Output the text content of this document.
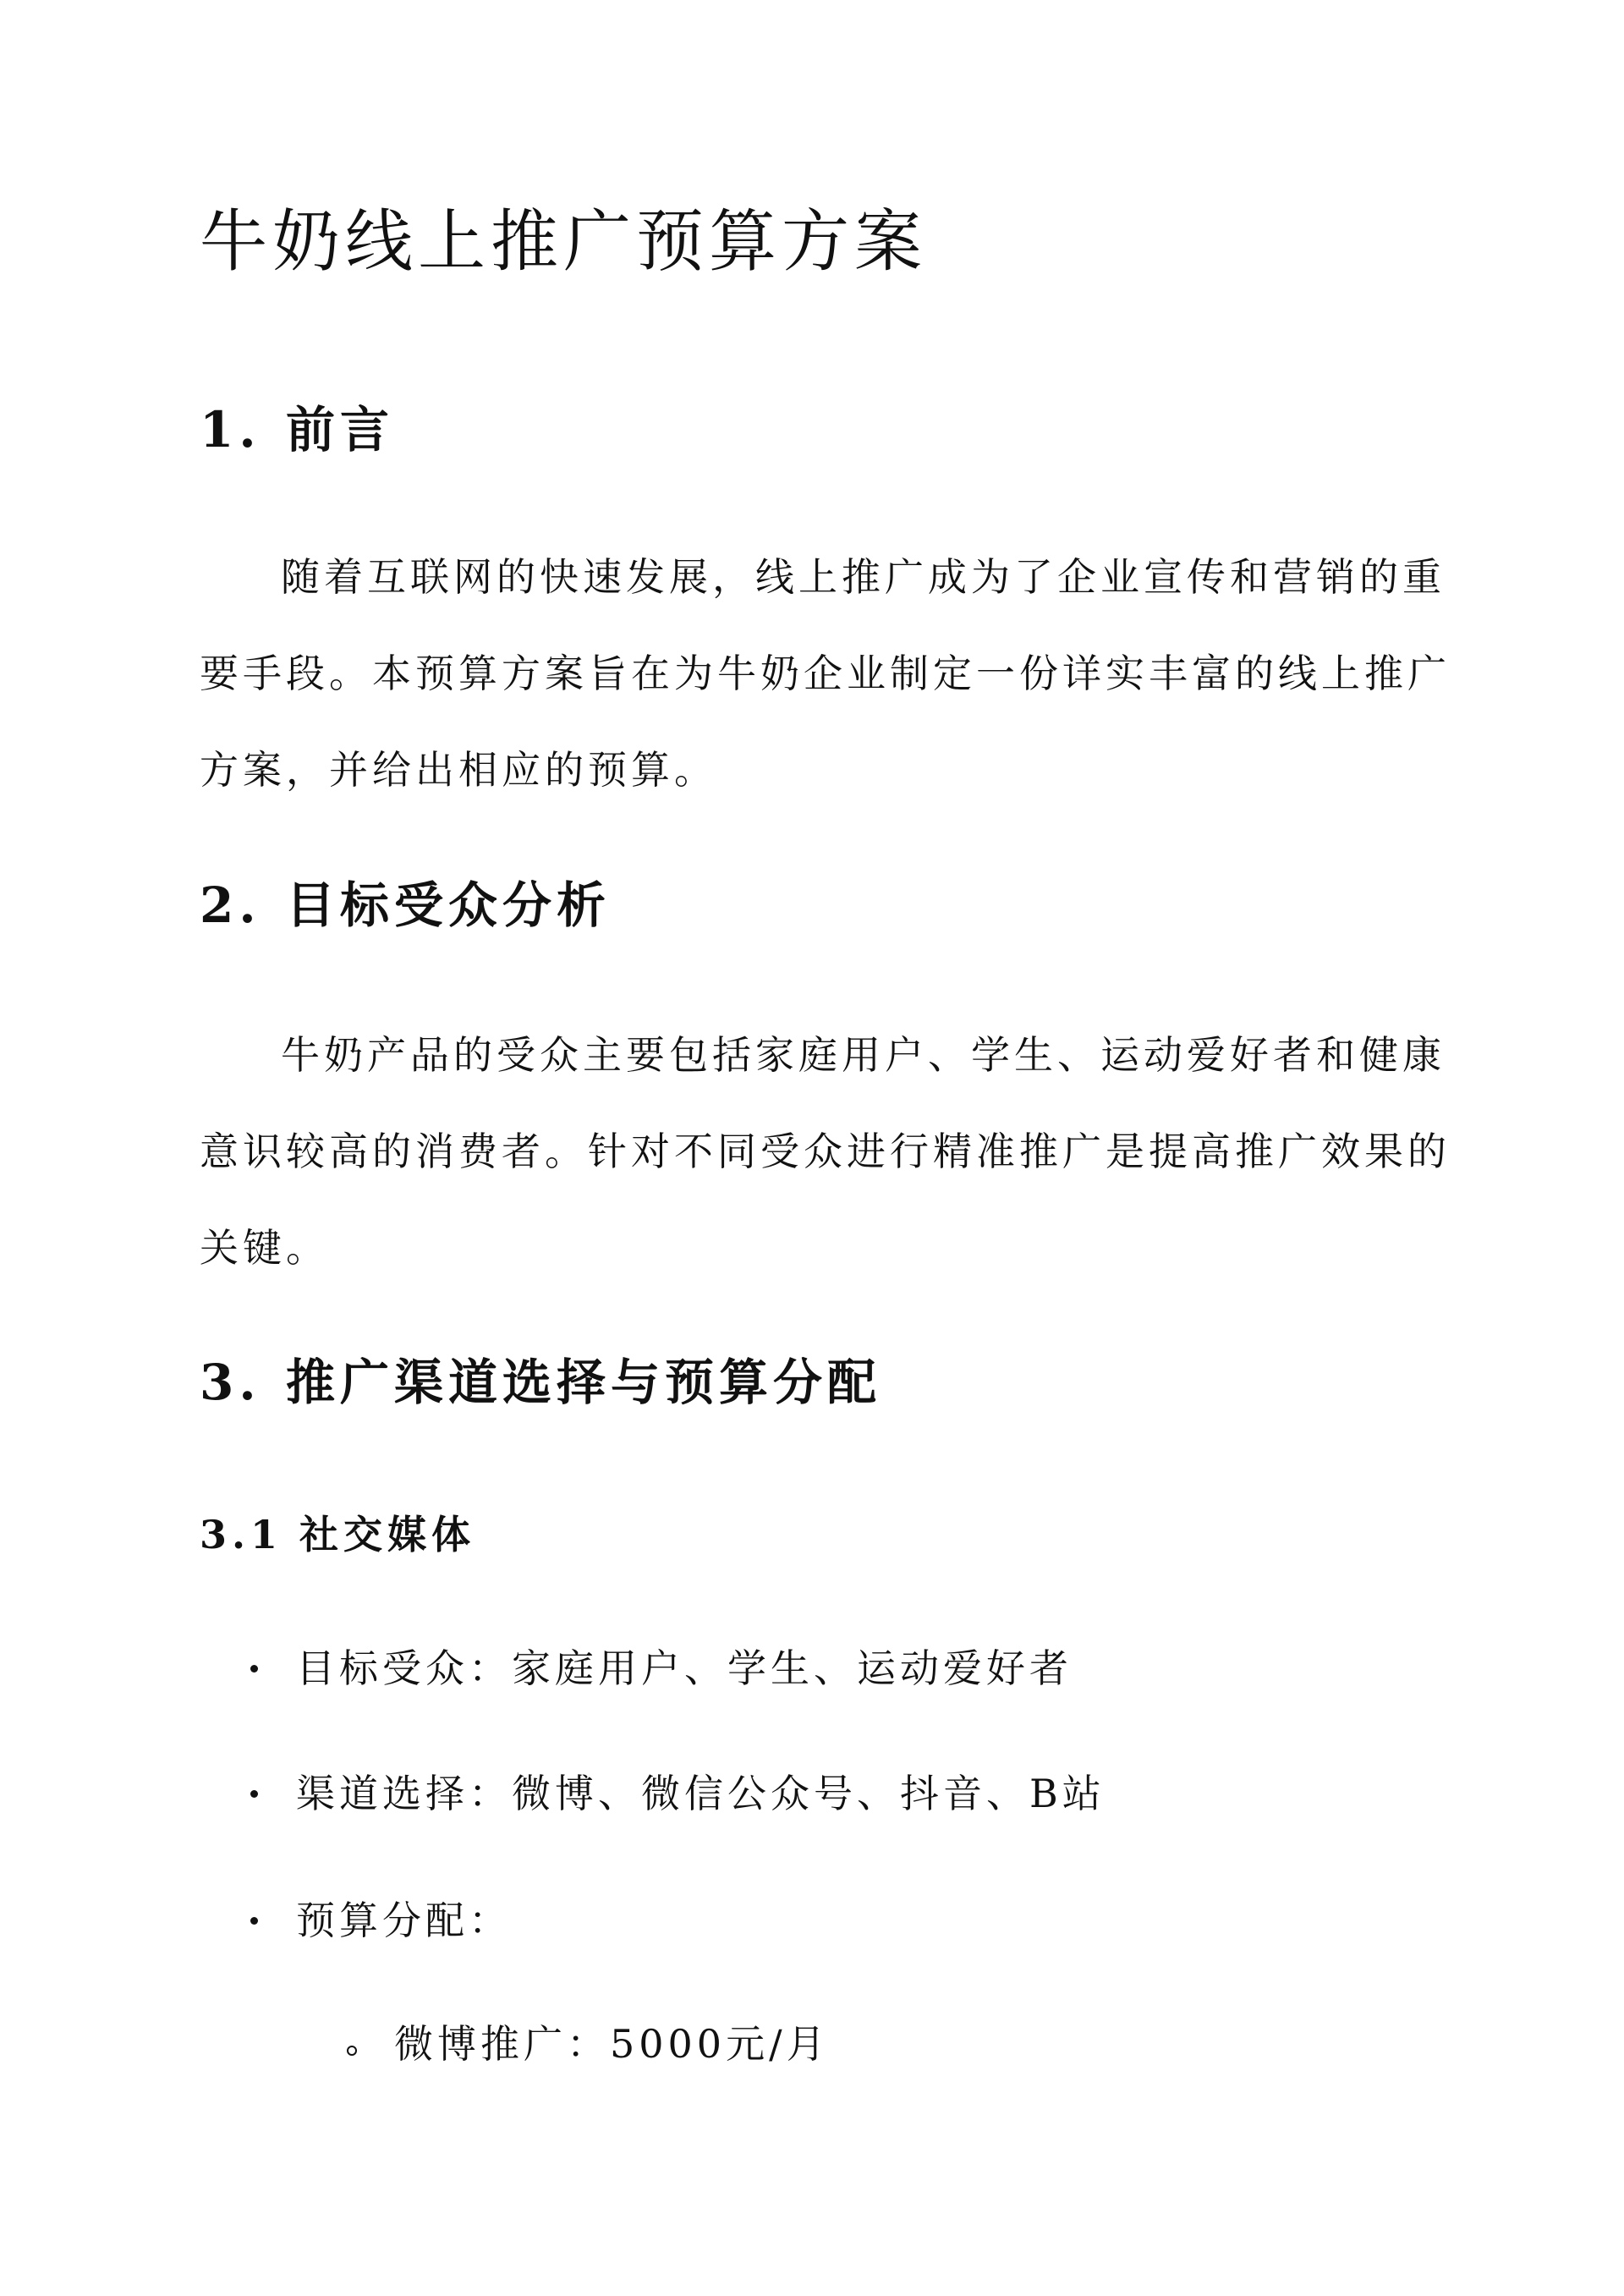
牛奶线上推广预算方案
1. 前言
随着互联网的快速发展，线上推广成为了企业宣传和营销的重
要手段。本预算方案旨在为牛奶企业制定一份详实丰富的线上推广
方案，并给出相应的预算。
2. 目标受众分析
牛奶产品的受众主要包括家庭用户、学生、运动爱好者和健康
意识较高的消费者。针对不同受众进行精准推广是提高推广效果的
关键。
3. 推广渠道选择与预算分配
3.1 社交媒体
目标受众：家庭用户、学生、运动爱好者
渠道选择：微博、微信公众号、抖音、B站
预算分配：
微博推广：5000元/月
